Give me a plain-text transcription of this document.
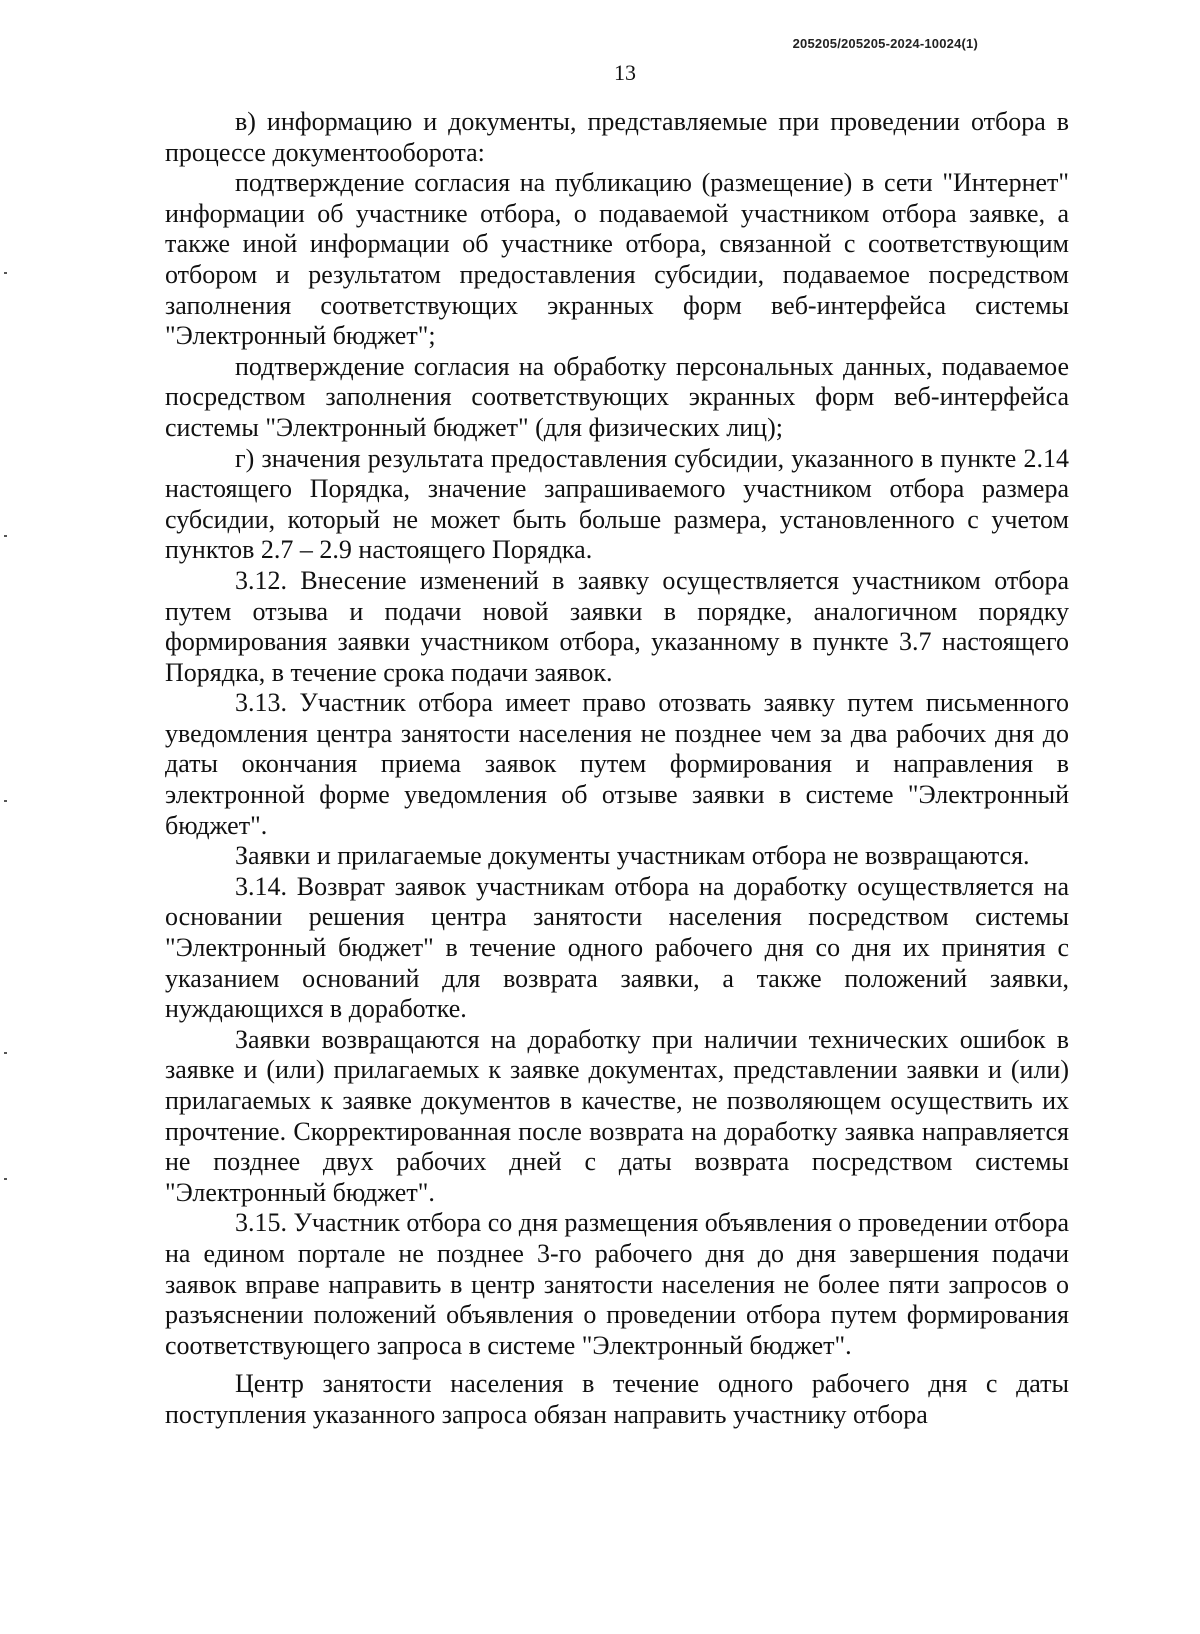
205205/205205-2024-10024(1)
13

в) информацию и документы, представляемые при проведении отбора в процессе документооборота:

подтверждение согласия на публикацию (размещение) в сети "Интернет" информации об участнике отбора, о подаваемой участником отбора заявке, а также иной информации об участнике отбора, связанной с соответствующим отбором и результатом предоставления субсидии, подаваемое посредством заполнения соответствующих экранных форм веб-интерфейса системы "Электронный бюджет";

подтверждение согласия на обработку персональных данных, подаваемое посредством заполнения соответствующих экранных форм веб-интерфейса системы "Электронный бюджет" (для физических лиц);

г) значения результата предоставления субсидии, указанного в пункте 2.14 настоящего Порядка, значение запрашиваемого участником отбора размера субсидии, который не может быть больше размера, установленного с учетом пунктов 2.7 – 2.9 настоящего Порядка.

3.12. Внесение изменений в заявку осуществляется участником отбора путем отзыва и подачи новой заявки в порядке, аналогичном порядку формирования заявки участником отбора, указанному в пункте 3.7 настоящего Порядка, в течение срока подачи заявок.

3.13. Участник отбора имеет право отозвать заявку путем письменного уведомления центра занятости населения не позднее чем за два рабочих дня до даты окончания приема заявок путем формирования и направления в электронной форме уведомления об отзыве заявки в системе "Электронный бюджет".

Заявки и прилагаемые документы участникам отбора не возвращаются.

3.14. Возврат заявок участникам отбора на доработку осуществляется на основании решения центра занятости населения посредством системы "Электронный бюджет" в течение одного рабочего дня со дня их принятия с указанием оснований для возврата заявки, а также положений заявки, нуждающихся в доработке.

Заявки возвращаются на доработку при наличии технических ошибок в заявке и (или) прилагаемых к заявке документах, представлении заявки и (или) прилагаемых к заявке документов в качестве, не позволяющем осуществить их прочтение. Скорректированная после возврата на доработку заявка направляется не позднее двух рабочих дней с даты возврата посредством системы "Электронный бюджет".

3.15. Участник отбора со дня размещения объявления о проведении отбора на едином портале не позднее 3-го рабочего дня до дня завершения подачи заявок вправе направить в центр занятости населения не более пяти запросов о разъяснении положений объявления о проведении отбора путем формирования соответствующего запроса в системе "Электронный бюджет".

Центр занятости населения в течение одного рабочего дня с даты поступления указанного запроса обязан направить участнику отбора
